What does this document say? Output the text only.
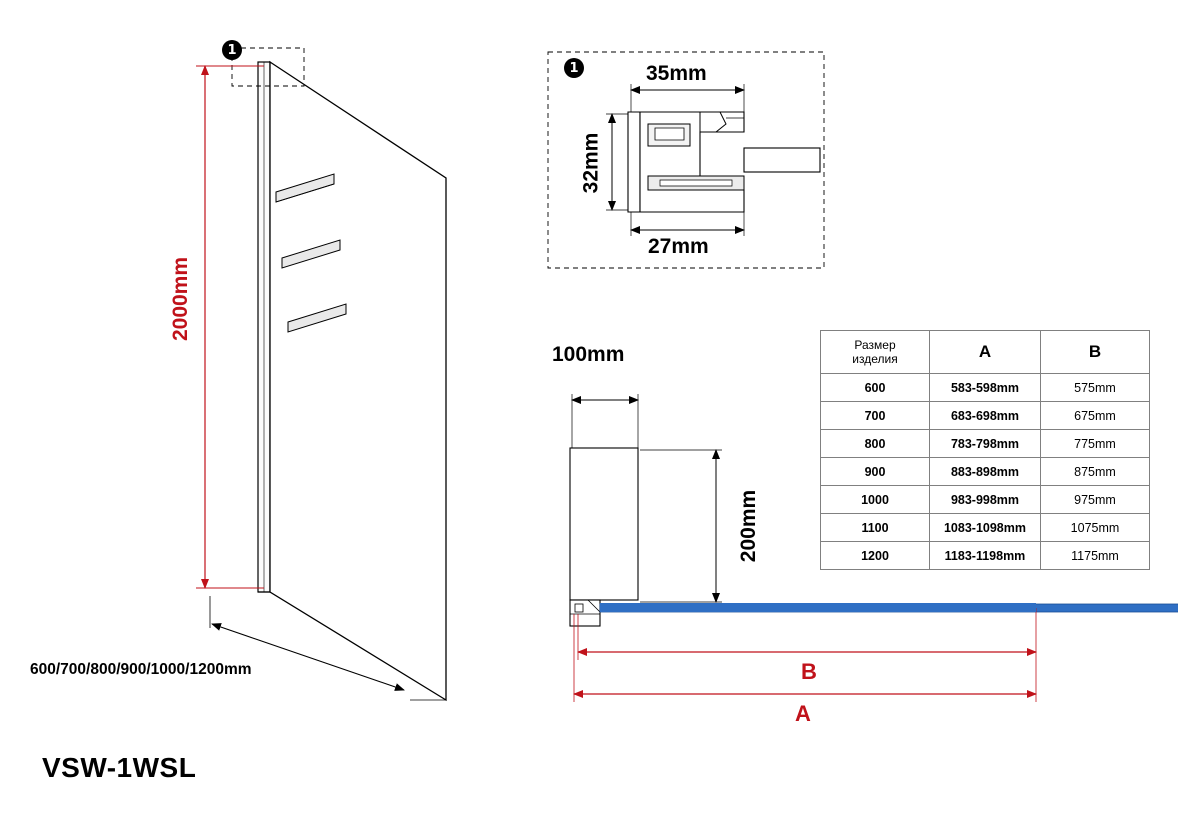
1
2000mm
600/700/800/900/1000/1200mm
1	35mm
32mm
27mm
100mm
200mm
B
A
Размер
изделия	A	B
600	583-598mm	575mm
700	683-698mm	675mm
800	783-798mm	775mm
900	883-898mm	875mm
1000	983-998mm	975mm
1100	1083-1098mm	1075mm
1200	1183-1198mm	1175mm
VSW-1WSL
